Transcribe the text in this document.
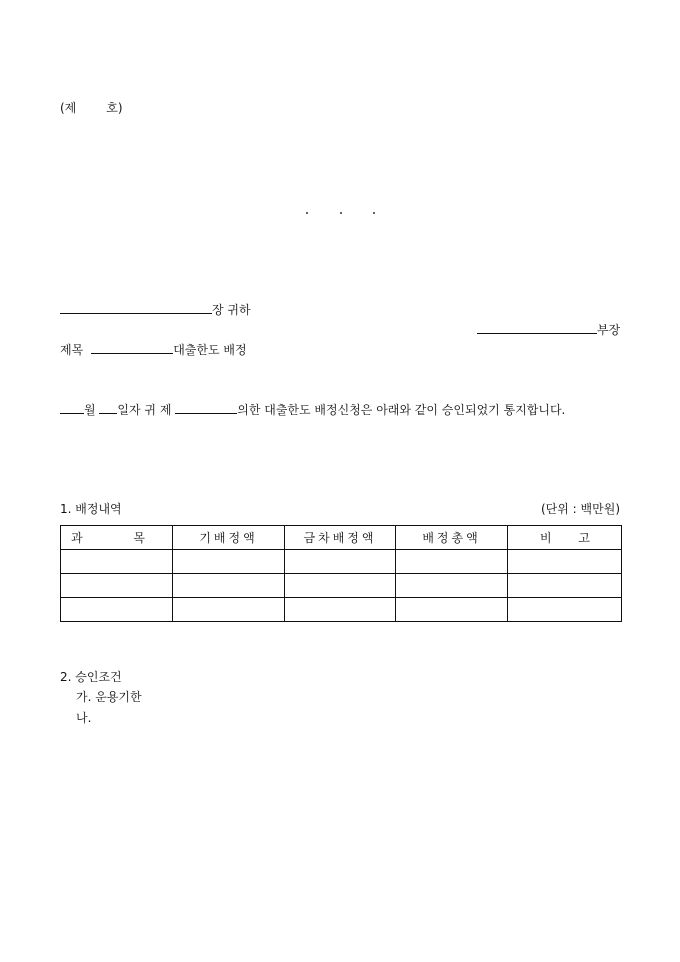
(제	호)
장 귀하
부장
제목	대출한도 배정
월 일자 귀 제	의한 대출한도 배정신청은 아래와 같이 승인되었기 통지합니다.
1. 배정내역	(단위 : 백만원)
과 목	기배정액	금차배정액	배정총액	비 고

2. 승인조건
가. 운용기한
나.
